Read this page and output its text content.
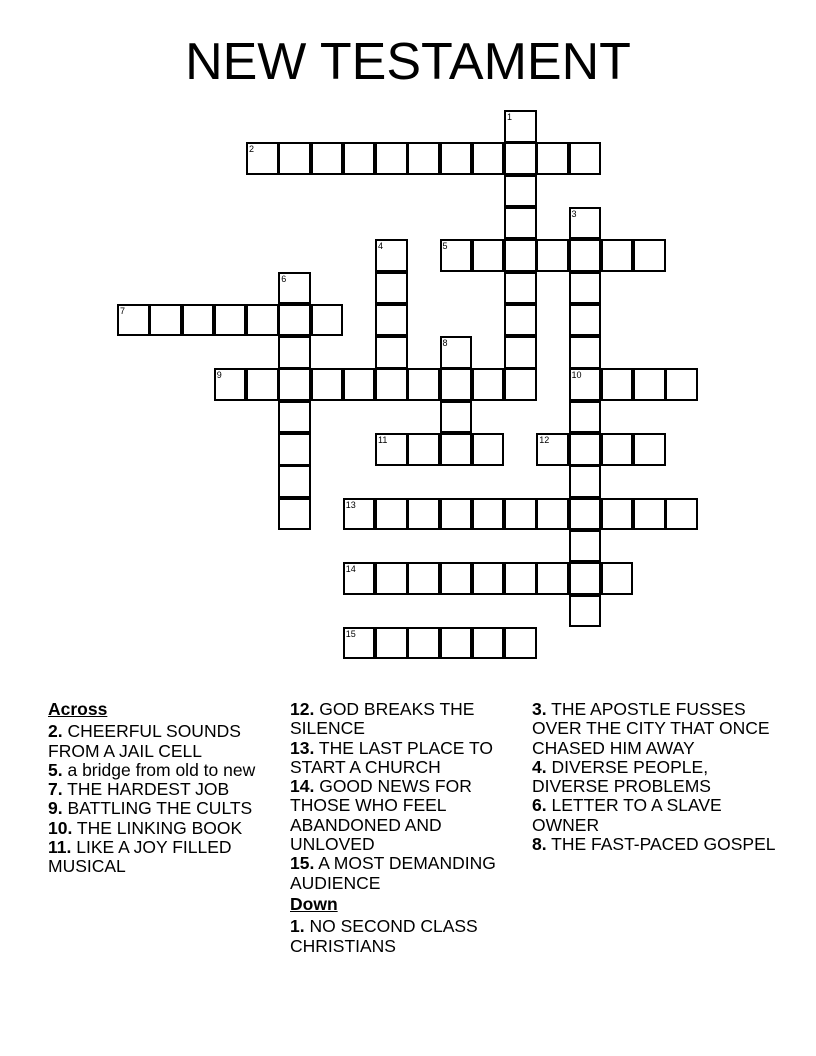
NEW TESTAMENT
1
2
3
10
4	5
6
7
8
9
11	12
13
14
15
Across
2. CHEERFUL SOUNDS FROM A JAIL CELL
5. a bridge from old to new
7. THE HARDEST JOB
9. BATTLING THE CULTS
10. THE LINKING BOOK
11. LIKE A JOY FILLED MUSICAL
12. GOD BREAKS THE SILENCE
13. THE LAST PLACE TO START A CHURCH
14. GOOD NEWS FOR THOSE WHO FEEL ABANDONED AND UNLOVED
15. A MOST DEMANDING AUDIENCE
Down
1. NO SECOND CLASS CHRISTIANS
3. THE APOSTLE FUSSES OVER THE CITY THAT ONCE CHASED HIM AWAY
4. DIVERSE PEOPLE, DIVERSE PROBLEMS
6. LETTER TO A SLAVE OWNER
8. THE FAST-PACED GOSPEL
